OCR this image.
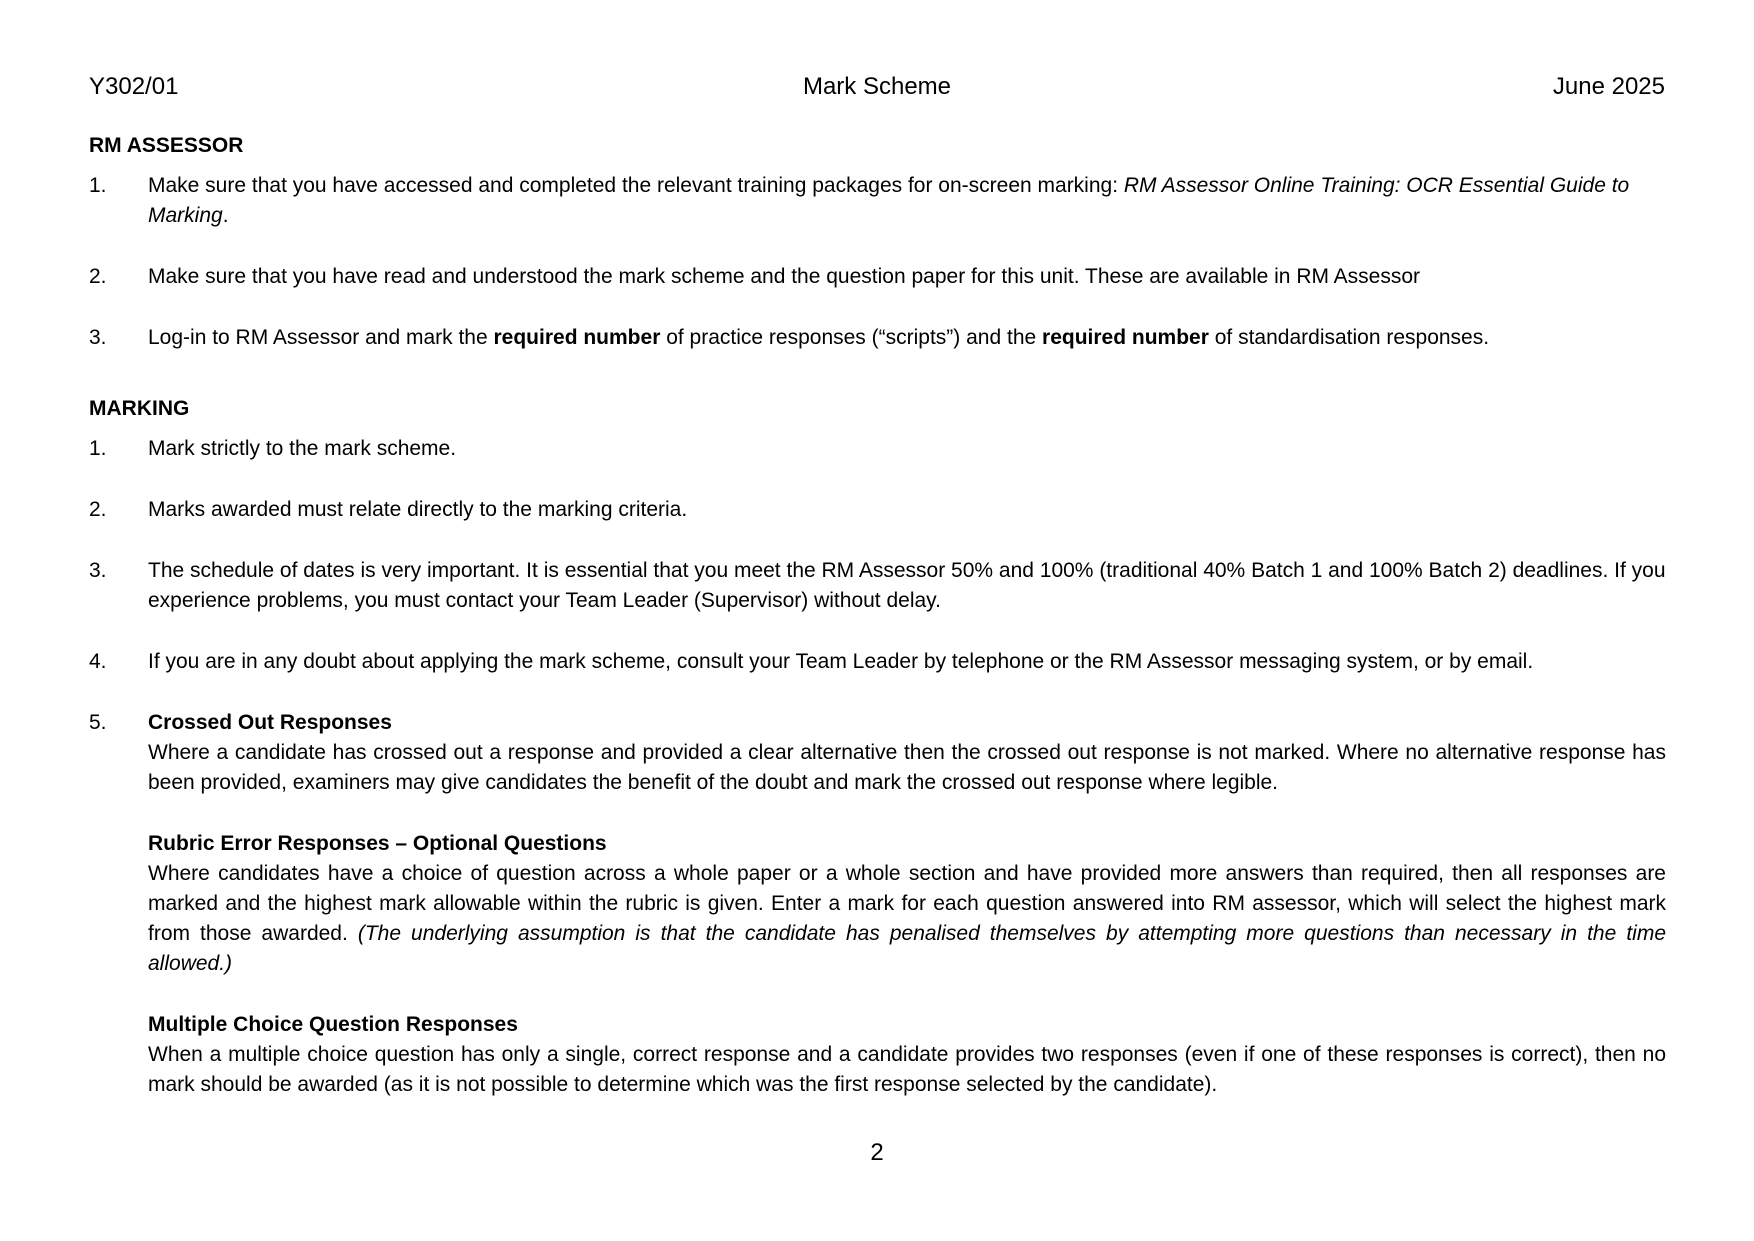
Y302/01	Mark Scheme	June 2025
RM ASSESSOR
1. Make sure that you have accessed and completed the relevant training packages for on-screen marking: RM Assessor Online Training: OCR Essential Guide to Marking.
2. Make sure that you have read and understood the mark scheme and the question paper for this unit. These are available in RM Assessor
3. Log-in to RM Assessor and mark the required number of practice responses (“scripts”) and the required number of standardisation responses.
MARKING
1. Mark strictly to the mark scheme.
2. Marks awarded must relate directly to the marking criteria.
3. The schedule of dates is very important. It is essential that you meet the RM Assessor 50% and 100% (traditional 40% Batch 1 and 100% Batch 2) deadlines. If you experience problems, you must contact your Team Leader (Supervisor) without delay.
4. If you are in any doubt about applying the mark scheme, consult your Team Leader by telephone or the RM Assessor messaging system, or by email.
5. Crossed Out Responses
Where a candidate has crossed out a response and provided a clear alternative then the crossed out response is not marked. Where no alternative response has been provided, examiners may give candidates the benefit of the doubt and mark the crossed out response where legible.
Rubric Error Responses – Optional Questions
Where candidates have a choice of question across a whole paper or a whole section and have provided more answers than required, then all responses are marked and the highest mark allowable within the rubric is given. Enter a mark for each question answered into RM assessor, which will select the highest mark from those awarded. (The underlying assumption is that the candidate has penalised themselves by attempting more questions than necessary in the time allowed.)
Multiple Choice Question Responses
When a multiple choice question has only a single, correct response and a candidate provides two responses (even if one of these responses is correct), then no mark should be awarded (as it is not possible to determine which was the first response selected by the candidate).
2
